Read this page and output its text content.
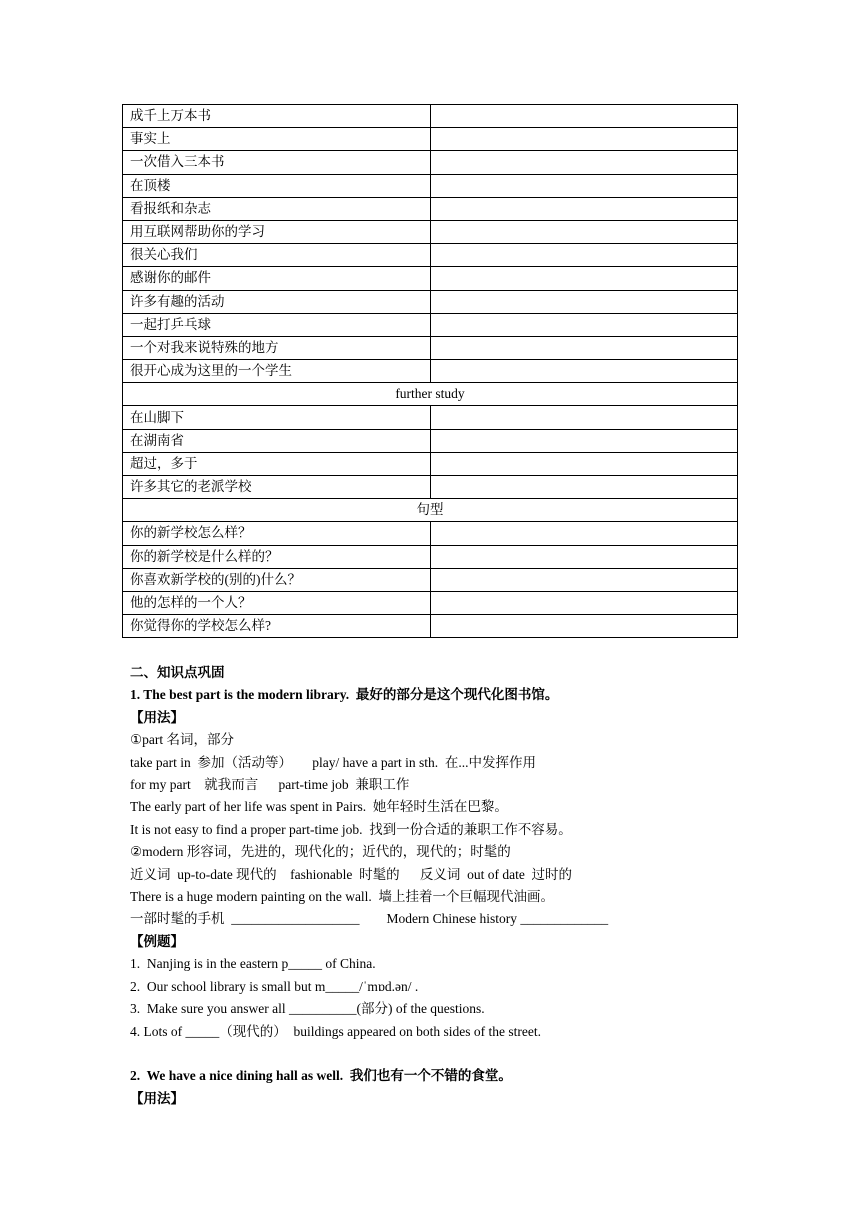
成千上万本书	
事实上	
一次借入三本书	
在顶楼	
看报纸和杂志	
用互联网帮助你的学习	
很关心我们	
感谢你的邮件	
许多有趣的活动	
一起打乒乓球	
一个对我来说特殊的地方	
很开心成为这里的一个学生	
further study	
在山脚下	
在湖南省	
超过，多于	
许多其它的老派学校	
句型	
你的新学校怎么样？	
你的新学校是什么样的？	
你喜欢新学校的(别的)什么？	
他的怎样的一个人？	
你觉得你的学校怎么样?	

二、知识点巩固

1. The best part is the modern library.  最好的部分是这个现代化图书馆。

【用法】

①part 名词，部分

take part in  参加（活动等）      play/ have a part in sth.  在...中发挥作用

for my part    就我而言      part-time job  兼职工作

The early part of her life was spent in Pairs.  她年轻时生活在巴黎。

It is not easy to find a proper part-time job.  找到一份合适的兼职工作不容易。

②modern 形容词，先进的，现代化的；近代的，现代的；时髦的

近义词  up-to-date 现代的    fashionable  时髦的      反义词  out of date  过时的

There is a huge modern painting on the wall.  墙上挂着一个巨幅现代油画。

一部时髦的手机  ___________________        Modern Chinese history _____________

【例题】

1.  Nanjing is in the eastern p_____ of China.

2.  Our school library is small but m_____/ˈmɒd.ən/ .

3.  Make sure you answer all __________(部分) of the questions.

4. Lots of _____（现代的）  buildings appeared on both sides of the street.

2.  We have a nice dining hall as well.  我们也有一个不错的食堂。

【用法】
